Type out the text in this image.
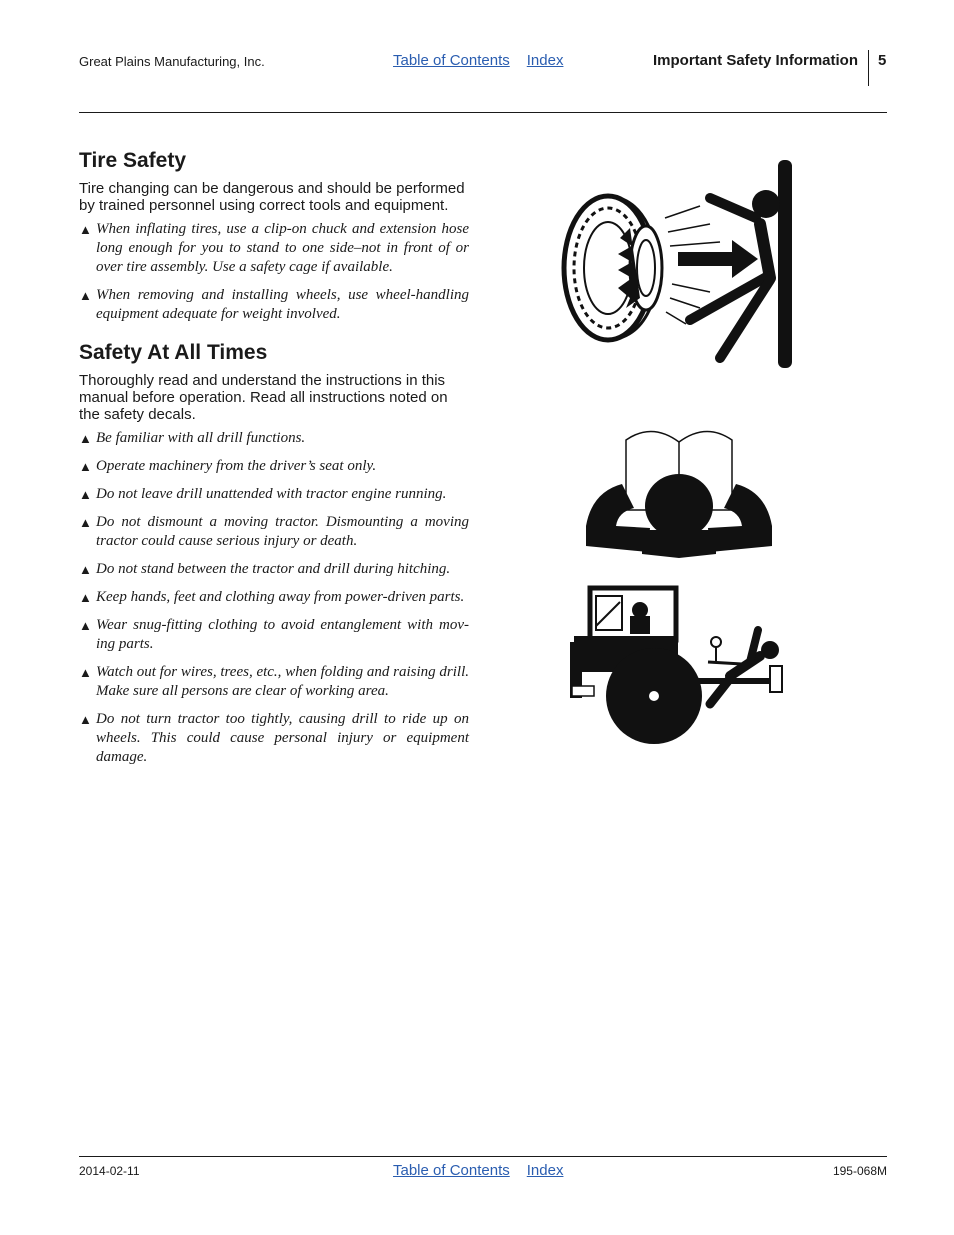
Great Plains Manufacturing, Inc.	Table of Contents Index	Important Safety Information 5
Tire Safety

Tire changing can be dangerous and should be performed by trained personnel using correct tools and equipment.

▲ When inflating tires, use a clip-on chuck and extension hose long enough for you to stand to one side–not in front of or over tire assembly. Use a safety cage if available.
▲ When removing and installing wheels, use wheel-handling equipment adequate for weight involved.
Safety At All Times

Thoroughly read and understand the instructions in this manual before operation. Read all instructions noted on the safety decals.

▲ Be familiar with all drill functions.
▲ Operate machinery from the driver’s seat only.
▲ Do not leave drill unattended with tractor engine running.
▲ Do not dismount a moving tractor. Dismounting a moving tractor could cause serious injury or death.
▲ Do not stand between the tractor and drill during hitching.
▲ Keep hands, feet and clothing away from power-driven parts.
▲ Wear snug-fitting clothing to avoid entanglement with mov-ing parts.
▲ Watch out for wires, trees, etc., when folding and raising drill. Make sure all persons are clear of working area.
▲ Do not turn tractor too tightly, causing drill to ride up on wheels. This could cause personal injury or equipment damage.
2014-02-11	Table of Contents Index	195-068M
